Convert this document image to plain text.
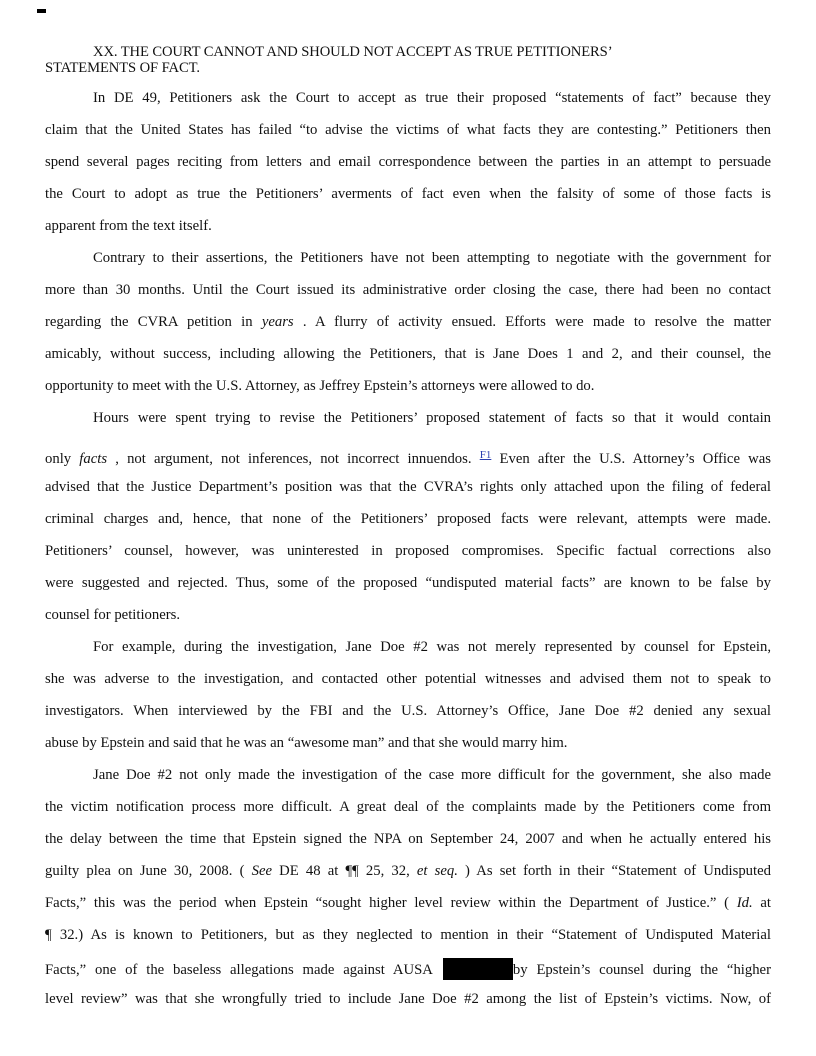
XX. THE COURT CANNOT AND SHOULD NOT ACCEPT AS TRUE PETITIONERS’
STATEMENTS OF FACT.
In DE 49, Petitioners ask the Court to accept as true their proposed “statements of fact” because they
claim that the United States has failed “to advise the victims of what facts they are contesting.” Petitioners then
spend several pages reciting from letters and email correspondence between the parties in an attempt to persuade
the Court to adopt as true the Petitioners’ averments of fact even when the falsity of some of those facts is
apparent from the text itself.
Contrary to their assertions, the Petitioners have not been attempting to negotiate with the government for
more than 30 months. Until the Court issued its administrative order closing the case, there had been no contact
regarding the CVRA petition in years . A flurry of activity ensued. Efforts were made to resolve the matter
amicably, without success, including allowing the Petitioners, that is Jane Does 1 and 2, and their counsel, the
opportunity to meet with the U.S. Attorney, as Jeffrey Epstein’s attorneys were allowed to do.
Hours were spent trying to revise the Petitioners’ proposed statement of facts so that it would contain
only facts , not argument, not inferences, not incorrect innuendos. $^{F1}$ Even after the U.S. Attorney’s Office was
advised that the Justice Department’s position was that the CVRA’s rights only attached upon the filing of federal
criminal charges and, hence, that none of the Petitioners’ proposed facts were relevant, attempts were made.
Petitioners’ counsel, however, was uninterested in proposed compromises. Specific factual corrections also
were suggested and rejected. Thus, some of the proposed “undisputed material facts” are known to be false by
counsel for petitioners.
For example, during the investigation, Jane Doe #2 was not merely represented by counsel for Epstein,
she was adverse to the investigation, and contacted other potential witnesses and advised them not to speak to
investigators. When interviewed by the FBI and the U.S. Attorney’s Office, Jane Doe #2 denied any sexual
abuse by Epstein and said that he was an “awesome man” and that she would marry him.
Jane Doe #2 not only made the investigation of the case more difficult for the government, she also made
the victim notification process more difficult. A great deal of the complaints made by the Petitioners come from
the delay between the time that Epstein signed the NPA on September 24, 2007 and when he actually entered his
guilty plea on June 30, 2008. ( See DE 48 at ¶¶ 25, 32, et seq. ) As set forth in their “Statement of Undisputed
Facts,” this was the period when Epstein “sought higher level review within the Department of Justice.” ( Id. at
¶ 32.) As is known to Petitioners, but as they neglected to mention in their “Statement of Undisputed Material
Facts,” one of the baseless allegations made against AUSA	by Epstein’s counsel during the “higher
level review” was that she wrongfully tried to include Jane Doe #2 among the list of Epstein’s victims. Now, of
